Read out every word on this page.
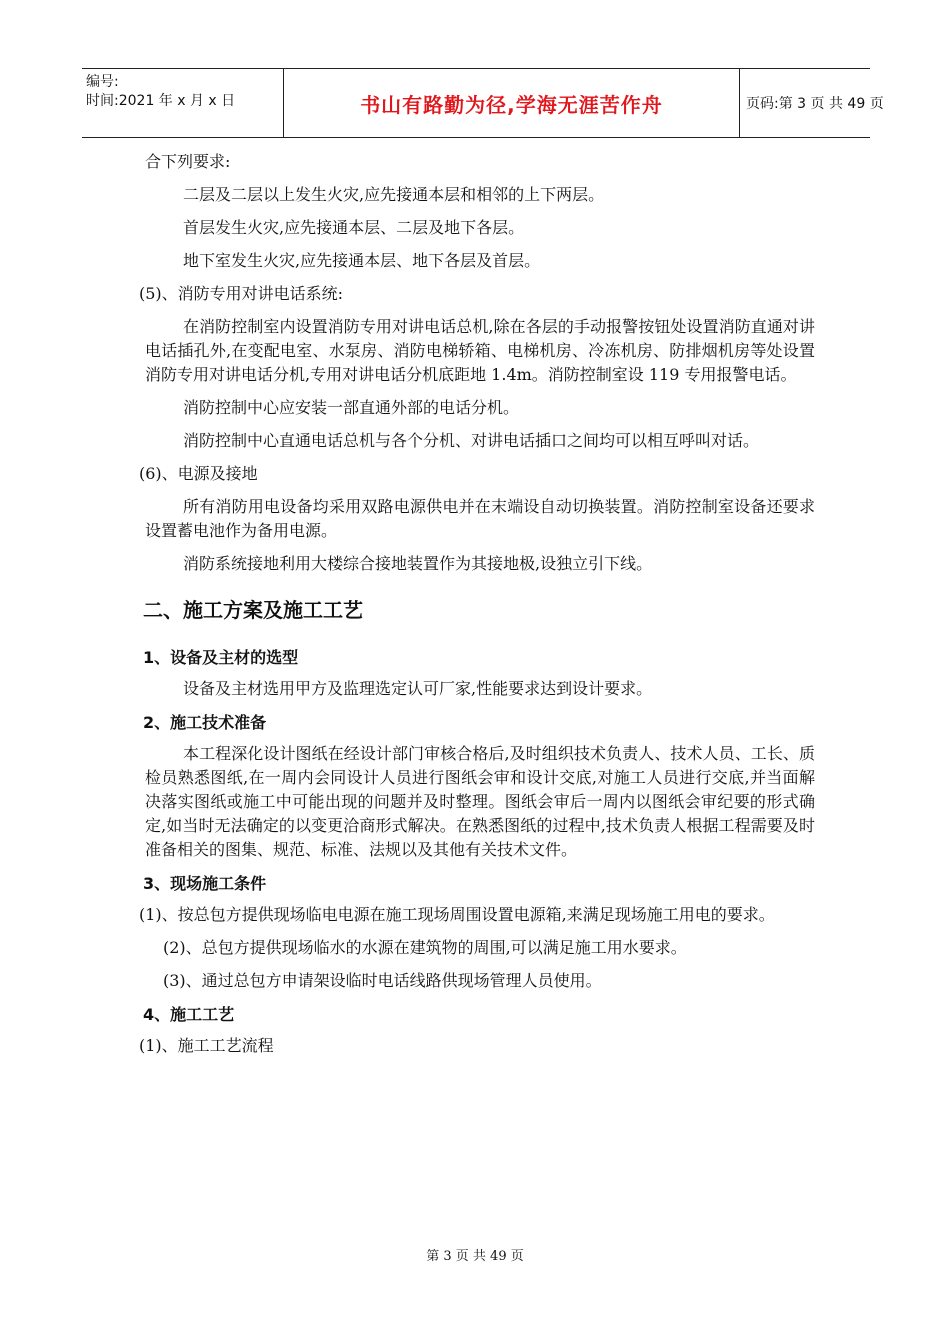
编号:
时间:2021 年 x 月 x 日	书山有路勤为径,学海无涯苦作舟	页码:第 3 页 共 49 页

合下列要求:

二层及二层以上发生火灾,应先接通本层和相邻的上下两层。

首层发生火灾,应先接通本层、二层及地下各层。

地下室发生火灾,应先接通本层、地下各层及首层。

(5)、消防专用对讲电话系统:

在消防控制室内设置消防专用对讲电话总机,除在各层的手动报警按钮处设置消防直通对讲电话插孔外,在变配电室、水泵房、消防电梯轿箱、电梯机房、冷冻机房、防排烟机房等处设置消防专用对讲电话分机,专用对讲电话分机底距地 1.4m。消防控制室设 119 专用报警电话。

消防控制中心应安装一部直通外部的电话分机。

消防控制中心直通电话总机与各个分机、对讲电话插口之间均可以相互呼叫对话。

(6)、电源及接地

所有消防用电设备均采用双路电源供电并在末端设自动切换装置。消防控制室设备还要求设置蓄电池作为备用电源。

消防系统接地利用大楼综合接地装置作为其接地极,设独立引下线。

二、施工方案及施工工艺
1、设备及主材的选型

设备及主材选用甲方及监理选定认可厂家,性能要求达到设计要求。

2、施工技术准备

本工程深化设计图纸在经设计部门审核合格后,及时组织技术负责人、技术人员、工长、质检员熟悉图纸,在一周内会同设计人员进行图纸会审和设计交底,对施工人员进行交底,并当面解决落实图纸或施工中可能出现的问题并及时整理。图纸会审后一周内以图纸会审纪要的形式确定,如当时无法确定的以变更洽商形式解决。在熟悉图纸的过程中,技术负责人根据工程需要及时准备相关的图集、规范、标准、法规以及其他有关技术文件。

3、现场施工条件

(1)、按总包方提供现场临电电源在施工现场周围设置电源箱,来满足现场施工用电的要求。

(2)、总包方提供现场临水的水源在建筑物的周围,可以满足施工用水要求。

(3)、通过总包方申请架设临时电话线路供现场管理人员使用。

4、施工工艺

(1)、施工工艺流程

第 3 页 共 49 页
